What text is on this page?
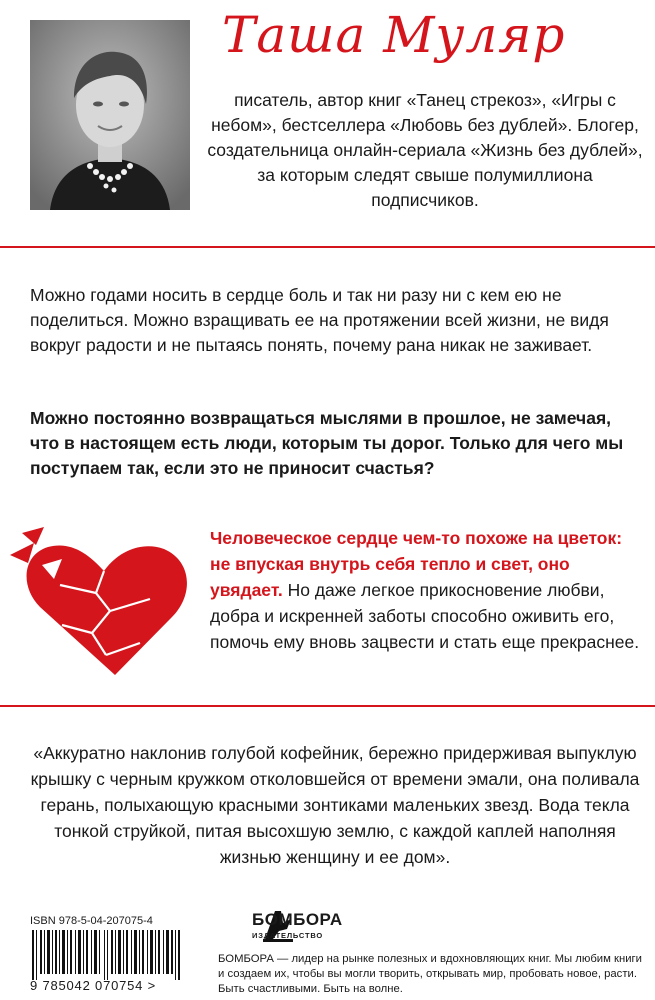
Таша Муляр
писатель, автор книг «Танец стрекоз», «Игры с небом», бестселлера «Любовь без дублей». Блогер, создательница онлайн-сериала «Жизнь без дублей», за которым следят свыше полумиллиона подписчиков.
Можно годами носить в сердце боль и так ни разу ни с кем ею не поделиться. Можно взращивать ее на протяжении всей жизни, не видя вокруг радости и не пытаясь понять, почему рана никак не заживает.
Можно постоянно возвращаться мыслями в прошлое, не замечая, что в настоящем есть люди, которым ты дорог. Только для чего мы поступаем так, если это не приносит счастья?
Человеческое сердце чем-то похоже на цветок: не впуская внутрь себя тепло и свет, оно увядает. Но даже легкое прикосновение любви, добра и искренней заботы способно оживить его, помочь ему вновь зацвести и стать еще прекраснее.
«Аккуратно наклонив голубой кофейник, бережно придерживая выпуклую крышку с черным кружком отколовшейся от времени эмали, она поливала герань, полыхающую красными зонтиками маленьких звезд. Вода текла тонкой струйкой, питая высохшую землю, с каждой каплей наполняя жизнью женщину и ее дом».
ISBN 978-5-04-207075-4
9 785042 070754 >
БОМБОРА
ИЗДАТЕЛЬСТВО
БОМБОРА — лидер на рынке полезных и вдохновляющих книг. Мы любим книги и создаем их, чтобы вы могли творить, открывать мир, пробовать новое, расти. Быть счастливыми. Быть на волне.
